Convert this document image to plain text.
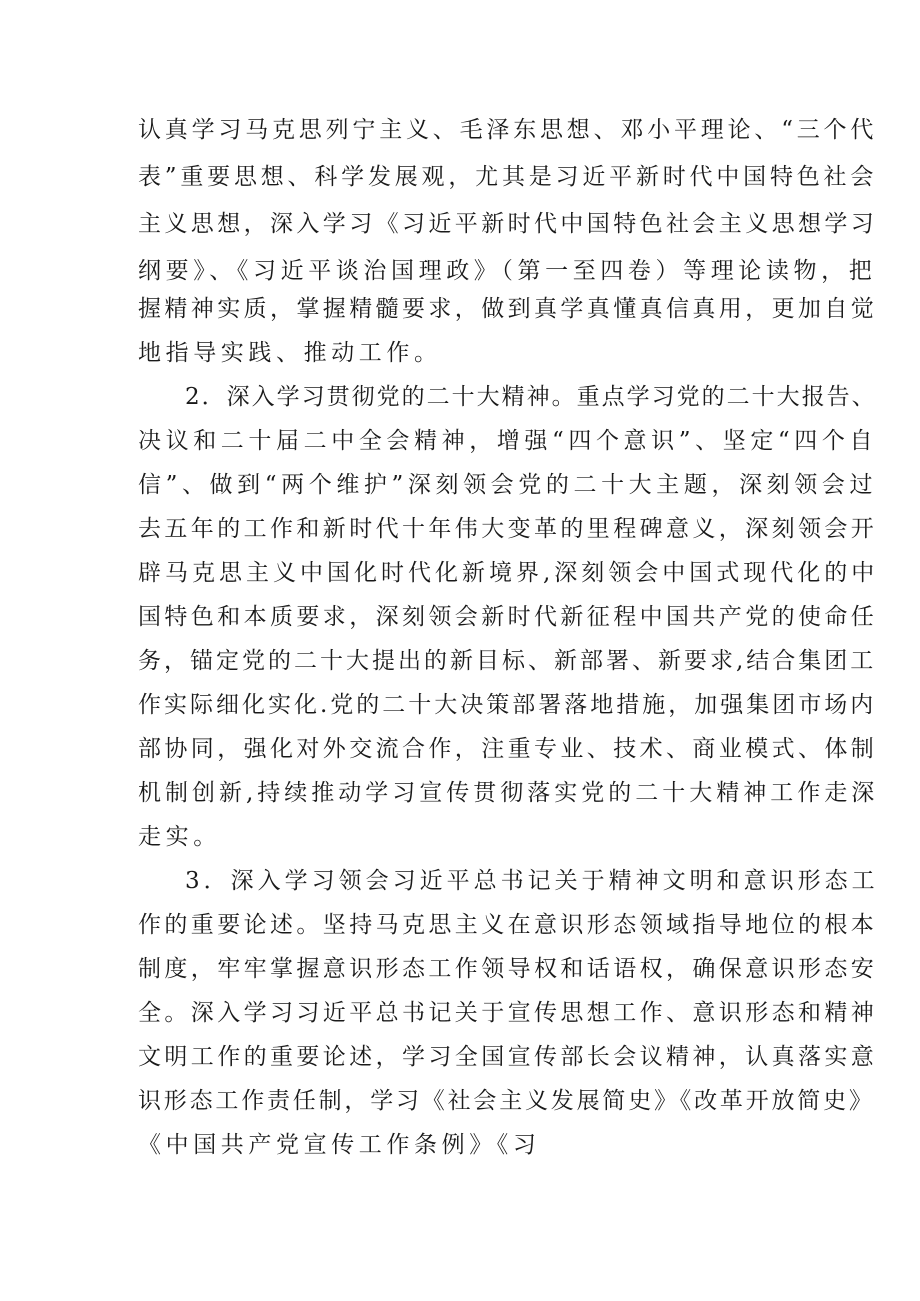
认真学习马克思列宁主义、毛泽东思想、邓小平理论、“三个代
表”重要思想、科学发展观，尤其是习近平新时代中国特色社会
主义思想，深入学习《习近平新时代中国特色社会主义思想学习
纲要》、《习近平谈治国理政》（第一至四卷）等理论读物，把
握精神实质，掌握精髓要求，做到真学真懂真信真用，更加自觉
地指导实践、推动工作。
2．深入学习贯彻党的二十大精神。重点学习党的二十大报告、
决议和二十届二中全会精神，增强“四个意识”、坚定“四个自
信”、做到“两个维护”深刻领会党的二十大主题，深刻领会过
去五年的工作和新时代十年伟大变革的里程碑意义，深刻领会开
辟马克思主义中国化时代化新境界,深刻领会中国式现代化的中
国特色和本质要求，深刻领会新时代新征程中国共产党的使命任
务，锚定党的二十大提出的新目标、新部署、新要求,结合集团工
作实际细化实化.党的二十大决策部署落地措施，加强集团市场内
部协同，强化对外交流合作，注重专业、技术、商业模式、体制
机制创新,持续推动学习宣传贯彻落实党的二十大精神工作走深
走实。
3．深入学习领会习近平总书记关于精神文明和意识形态工
作的重要论述。坚持马克思主义在意识形态领域指导地位的根本
制度，牢牢掌握意识形态工作领导权和话语权，确保意识形态安
全。深入学习习近平总书记关于宣传思想工作、意识形态和精神
文明工作的重要论述，学习全国宣传部长会议精神，认真落实意
识形态工作责任制，学习《社会主义发展简史》《改革开放简史》
《中国共产党宣传工作条例》《习
